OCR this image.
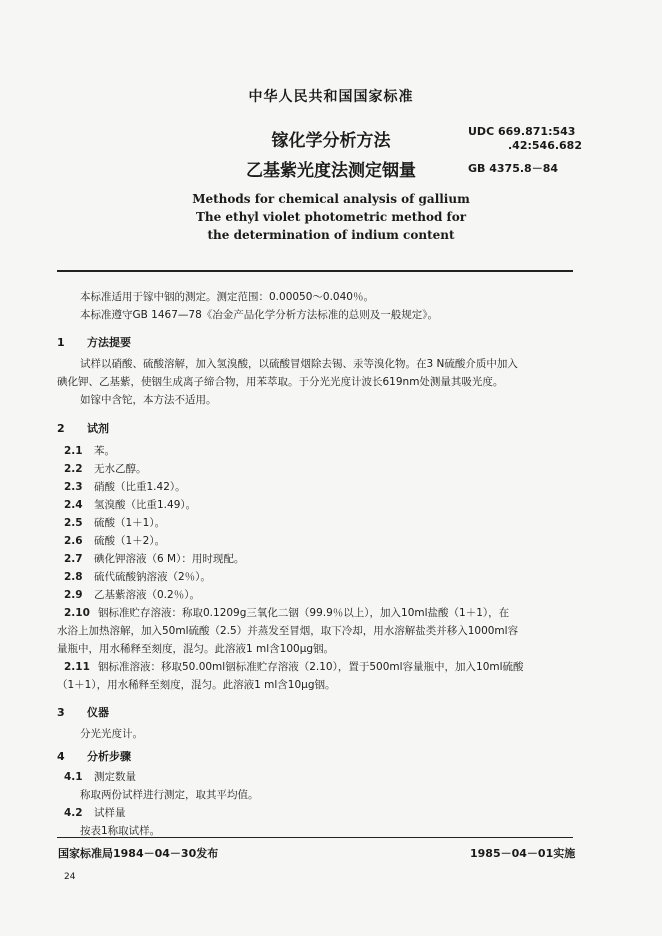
中华人民共和国国家标准
镓化学分析方法
乙基紫光度法测定铟量
UDC 669.871:543
.42:546.682
GB 4375.8－84
Methods for chemical analysis of gallium
The ethyl violet photometric method for
the determination of indium content
本标准适用于镓中铟的测定。测定范围：0.00050～0.040％。
本标准遵守GB 1467—78《冶金产品化学分析方法标准的总则及一般规定》。
1 方法提要
试样以硝酸、硫酸溶解，加入氢溴酸，以硫酸冒烟除去锡、汞等溴化物。在3 N硫酸介质中加入
碘化钾、乙基紫，使铟生成离子缔合物，用苯萃取。于分光光度计波长619nm处测量其吸光度。
如镓中含铊，本方法不适用。
2 试剂
2.1 苯。
2.2 无水乙醇。
2.3 硝酸（比重1.42）。
2.4 氢溴酸（比重1.49）。
2.5 硫酸（1＋1）。
2.6 硫酸（1＋2）。
2.7 碘化钾溶液（6 M）：用时现配。
2.8 硫代硫酸钠溶液（2％）。
2.9 乙基紫溶液（0.2％）。
2.10 铟标准贮存溶液：称取0.1209g三氧化二铟（99.9％以上），加入10ml盐酸（1＋1），在
水浴上加热溶解，加入50ml硫酸（2.5）并蒸发至冒烟，取下冷却，用水溶解盐类并移入1000ml容
量瓶中，用水稀释至刻度，混匀。此溶液1 ml含100μg铟。
2.11 铟标准溶液：移取50.00ml铟标准贮存溶液（2.10），置于500ml容量瓶中，加入10ml硫酸
（1＋1），用水稀释至刻度，混匀。此溶液1 ml含10μg铟。
3 仪器
分光光度计。
4 分析步骤
4.1 测定数量
称取两份试样进行测定，取其平均值。
4.2 试样量
按表1称取试样。
国家标准局1984－04－30发布	1985－04－01实施
24
